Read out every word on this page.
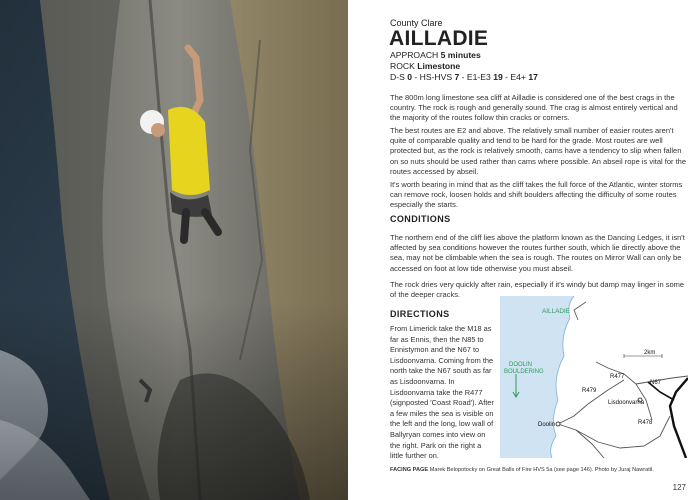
County Clare
AILLADIE
APPROACH 5 minutes
ROCK Limestone
D-S 0 - HS-HVS 7 - E1-E3 19 - E4+ 17

The 800m long limestone sea cliff at Ailladie is considered one of the best crags in the country. The rock is rough and generally sound. The crag is almost entirely vertical and the majority of the routes follow thin cracks or corners.

The best routes are E2 and above. The relatively small number of easier routes aren't quite of comparable quality and tend to be hard for the grade. Most routes are well protected but, as the rock is relatively smooth, cams have a tendency to slip when fallen on so nuts should be used rather than cams where possible. An abseil rope is vital for the routes accessed by abseil.

It's worth bearing in mind that as the cliff takes the full force of the Atlantic, winter storms can remove rock, loosen holds and shift boulders affecting the difficulty of some routes especially the starts.

CONDITIONS

The northern end of the cliff lies above the platform known as the Dancing Ledges, it isn't affected by sea conditions however the routes further south, which lie directly above the sea, may not be climbable when the sea is rough. The routes on Mirror Wall can only be accessed on foot at low tide otherwise you must abseil.

The rock dries very quickly after rain, especially if it's windy but damp may linger in some of the deeper cracks.

DIRECTIONS
From Limerick take the M18 as far as Ennis, then the N85 to Ennistymon and the N67 to Lisdoonvarna. Coming from the north take the N67 south as far as Lisdoonvarna. In Lisdoonvarna take the R477 (signposted 'Coast Road'). After a few miles the sea is visible on the left and the long, low wall of Ballyryan comes into view on the right. Park on the right a little further on.
AILLADIE
DOOLIN
BOULDERING
2km
R477
R479
N67
Lisdoonvarna
Doolin	R478
FACING PAGE Marek Belopotocky on Great Balls of Fire HVS 5a (see page 146). Photo by Juraj Nawratil.
127
